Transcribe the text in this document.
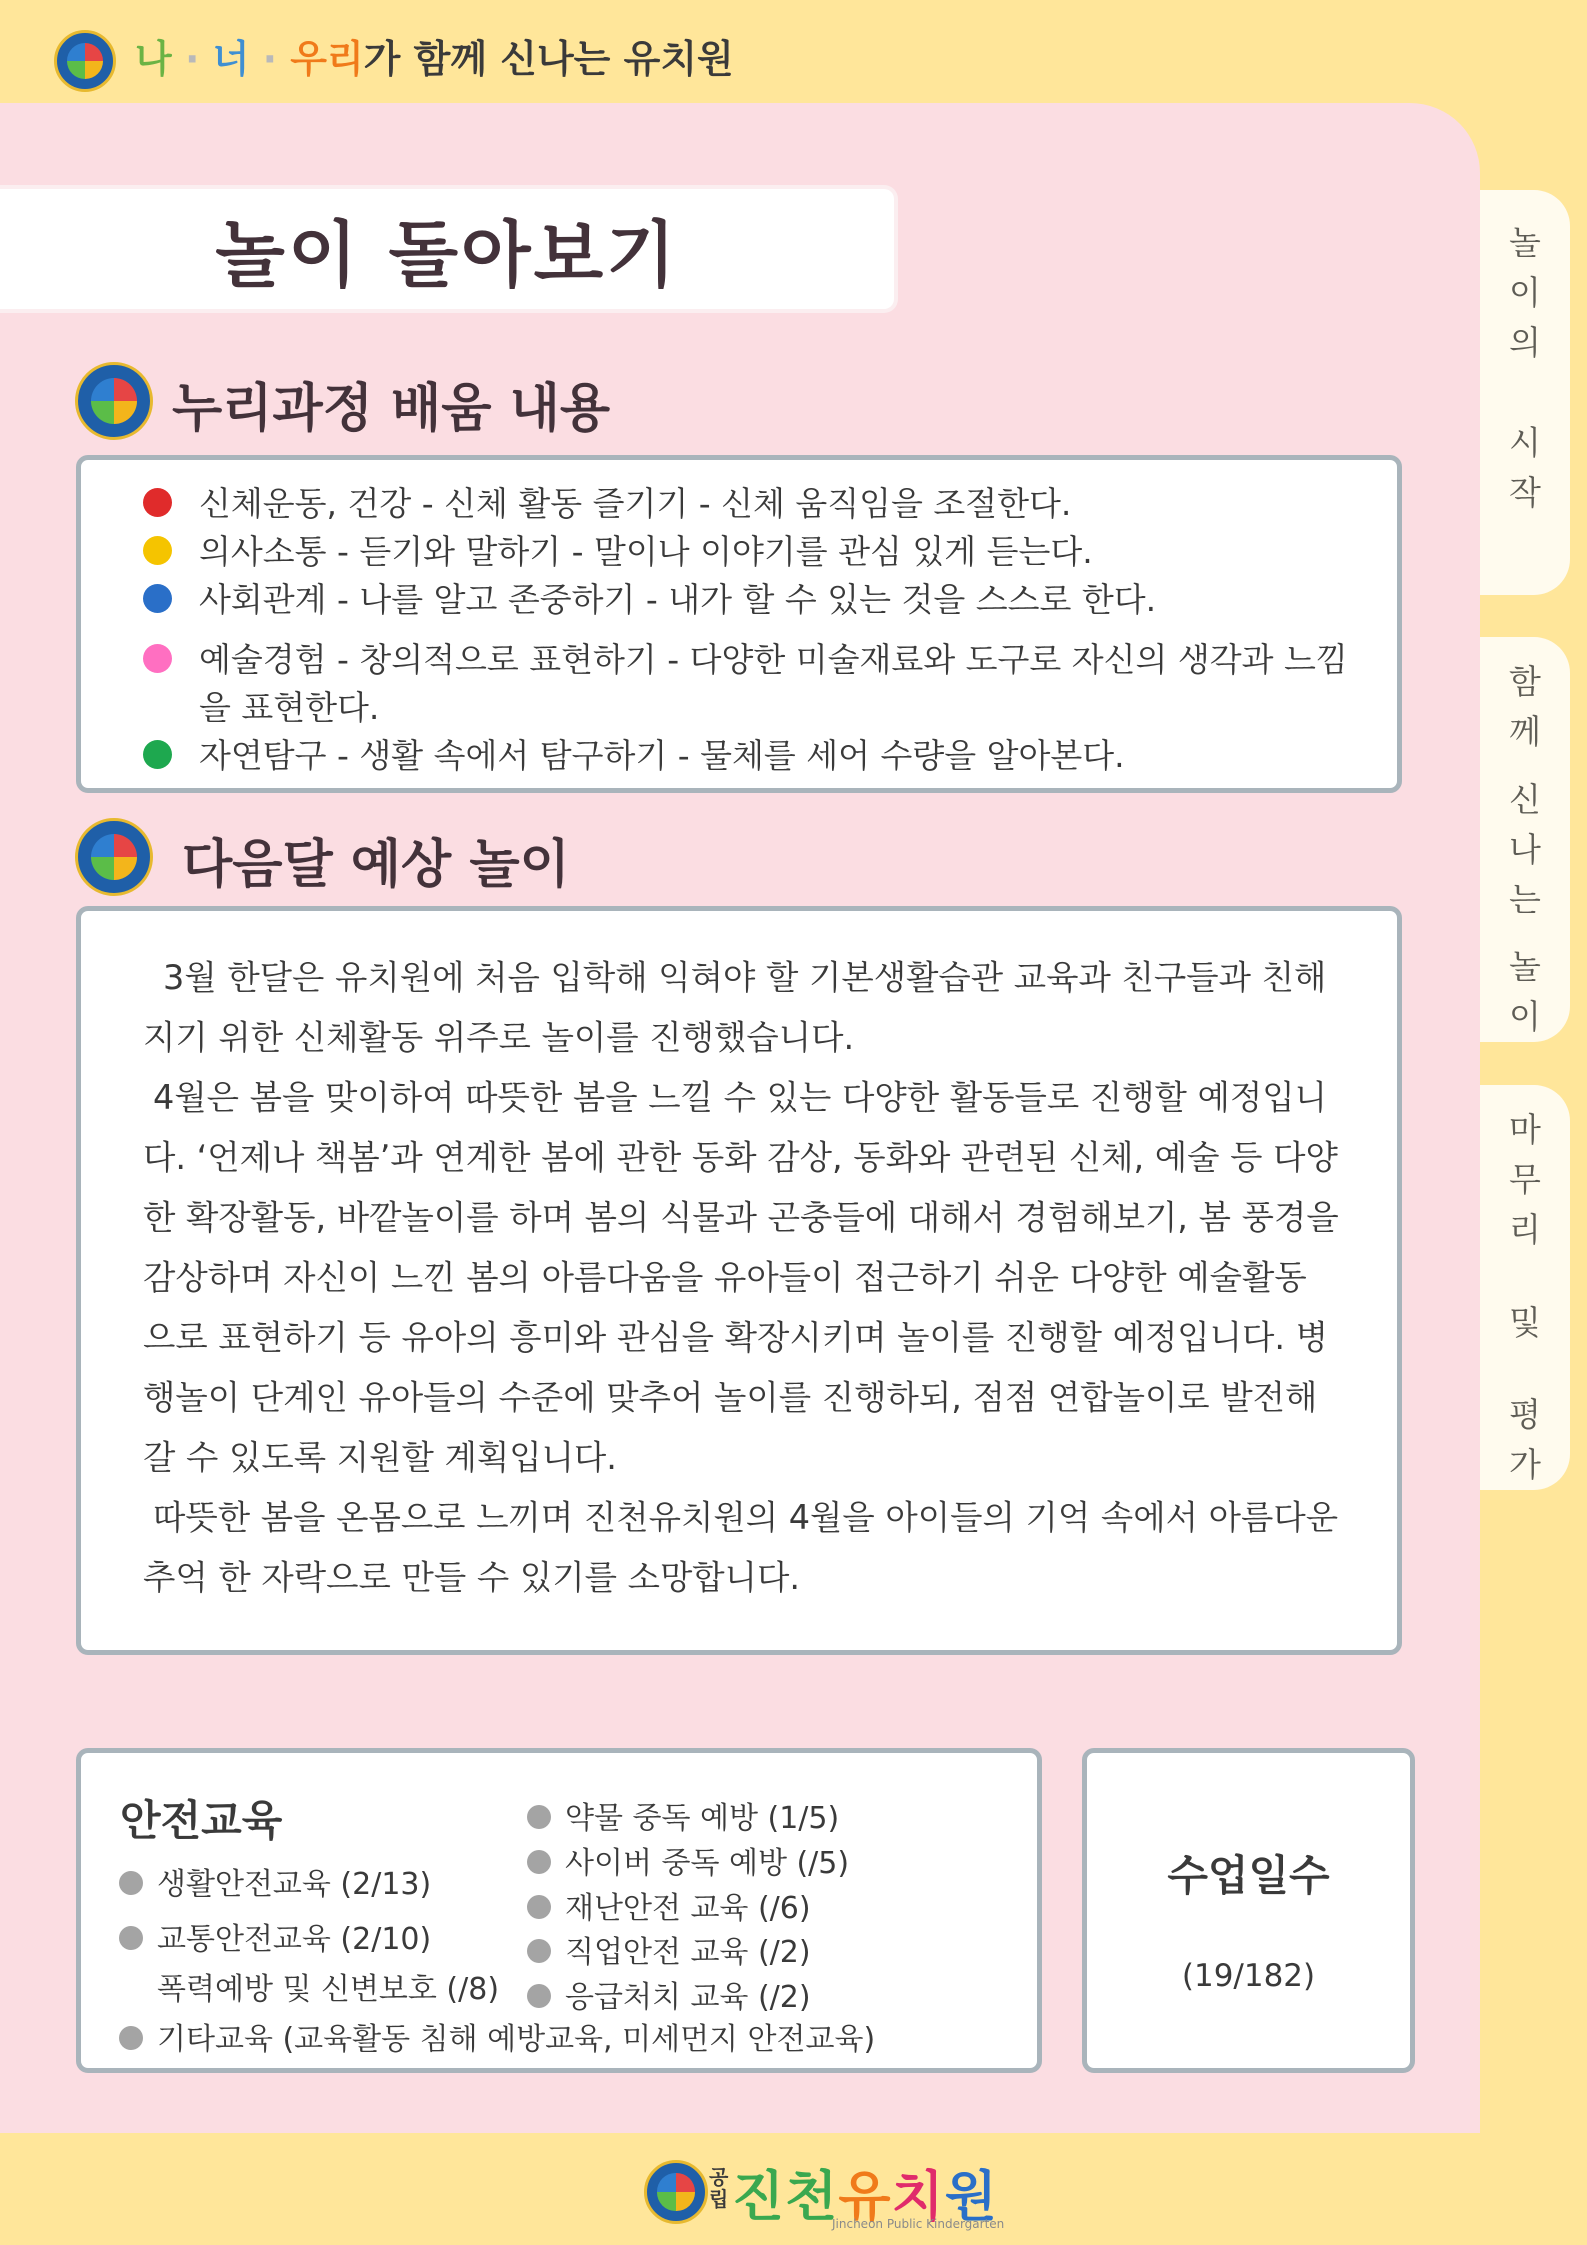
나 · 너 · 우리가 함께 신나는 유치원
놀이 돌아보기
누리과정 배움 내용
신체운동, 건강 - 신체 활동 즐기기 - 신체 움직임을 조절한다.
의사소통 - 듣기와 말하기 - 말이나 이야기를 관심 있게 듣는다.
사회관계 - 나를 알고 존중하기 - 내가 할 수 있는 것을 스스로 한다.
예술경험 - 창의적으로 표현하기 - 다양한 미술재료와 도구로 자신의 생각과 느낌을 표현한다.
자연탐구 - 생활 속에서 탐구하기 - 물체를 세어 수량을 알아본다.
다음달 예상 놀이

3월 한달은 유치원에 처음 입학해 익혀야 할 기본생활습관 교육과 친구들과 친해지기 위한 신체활동 위주로 놀이를 진행했습니다.

4월은 봄을 맞이하여 따뜻한 봄을 느낄 수 있는 다양한 활동들로 진행할 예정입니다. ‘언제나 책봄’과 연계한 봄에 관한 동화 감상, 동화와 관련된 신체, 예술 등 다양한 확장활동, 바깥놀이를 하며 봄의 식물과 곤충들에 대해서 경험해보기, 봄 풍경을 감상하며 자신이 느낀 봄의 아름다움을 유아들이 접근하기 쉬운 다양한 예술활동으로 표현하기 등 유아의 흥미와 관심을 확장시키며 놀이를 진행할 예정입니다. 병행놀이 단계인 유아들의 수준에 맞추어 놀이를 진행하되, 점점 연합놀이로 발전해 갈 수 있도록 지원할 계획입니다.

따뜻한 봄을 온몸으로 느끼며 진천유치원의 4월을 아이들의 기억 속에서 아름다운 추억 한 자락으로 만들 수 있기를 소망합니다.

안전교육
생활안전교육 (2/13)
교통안전교육 (2/10)
폭력예방 및 신변보호 (/8)
기타교육 (교육활동 침해 예방교육, 미세먼지 안전교육)
약물 중독 예방 (1/5)
사이버 중독 예방 (/5)
재난안전 교육 (/6)
직업안전 교육 (/2)
응급처치 교육 (/2)
수업일수
(19/182)
놀
이
의
시
작
함
께
신
나
는
놀
이
마
무
리
및
평
가
공립 진천유치원
Jincheon Public Kindergarten
